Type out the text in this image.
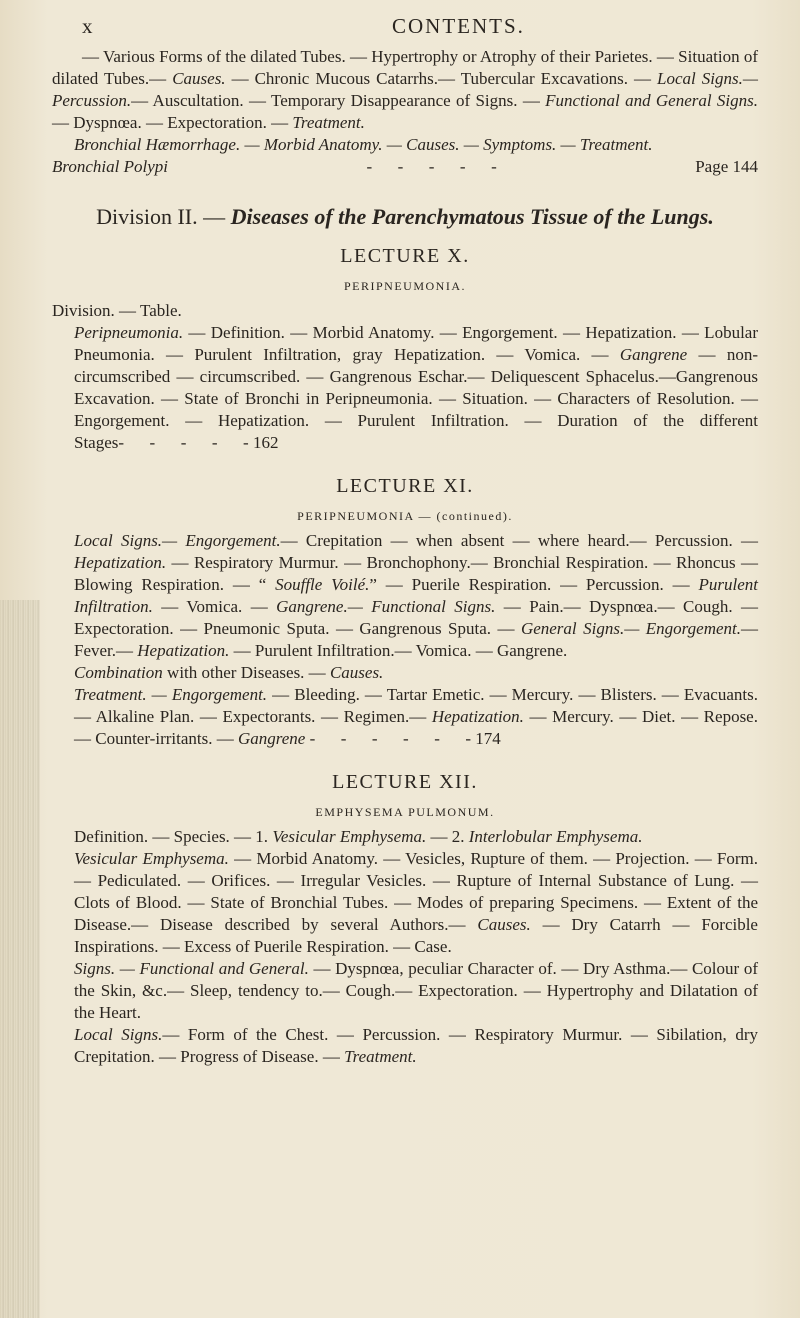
x	CONTENTS.

— Various Forms of the dilated Tubes. — Hypertrophy or Atrophy of their Parietes. — Situation of dilated Tubes.— Causes. — Chronic Mucous Catarrhs.— Tubercular Excavations. — Local Signs.— Percussion.— Auscultation. — Temporary Disappearance of Signs. — Functional and General Signs. — Dyspnœa. — Expectoration. — Treatment.

Bronchial Hæmorrhage. — Morbid Anatomy. — Causes. — Symptoms. — Treatment.

Bronchial Polypi	-      -      -      -      -	Page 144

Division II. — Diseases of the Parenchymatous Tissue of the Lungs.
LECTURE X.
PERIPNEUMONIA.

Division. — Table.

Peripneumonia. — Definition. — Morbid Anatomy. — Engorgement. — Hepatization. — Lobular Pneumonia. — Purulent Infiltration, gray Hepatization. — Vomica. — Gangrene — non-circumscribed — circumscribed. — Gangrenous Eschar.— Deliquescent Sphacelus.—Gangrenous Excavation. — State of Bronchi in Peripneumonia. — Situation. — Characters of Resolution. — Engorgement. — Hepatization. — Purulent Infiltration. — Duration of the different Stages-      -      -      -      - 162

LECTURE XI.
PERIPNEUMONIA — (continued).

Local Signs.— Engorgement.— Crepitation — when absent — where heard.— Percussion. — Hepatization. — Respiratory Murmur. — Bronchophony.— Bronchial Respiration. — Rhoncus — Blowing Respiration. — “ Souffle Voilé.” — Puerile Respiration. — Percussion. — Purulent Infiltration. — Vomica. — Gangrene.— Functional Signs. — Pain.— Dyspnœa.— Cough. —Expectoration. — Pneumonic Sputa. — Gangrenous Sputa. — General Signs.— Engorgement.— Fever.— Hepatization. — Purulent Infiltration.— Vomica. — Gangrene.

Combination with other Diseases. — Causes.

Treatment. — Engorgement. — Bleeding. — Tartar Emetic. — Mercury. — Blisters. — Evacuants. — Alkaline Plan. — Expectorants. — Regimen.— Hepatization. — Mercury. — Diet. — Repose. — Counter-irritants. — Gangrene -      -      -      -      -      - 174

LECTURE XII.
EMPHYSEMA PULMONUM.

Definition. — Species. — 1. Vesicular Emphysema. — 2. Interlobular Emphysema.

Vesicular Emphysema. — Morbid Anatomy. — Vesicles, Rupture of them. — Projection. — Form. — Pediculated. — Orifices. — Irregular Vesicles. — Rupture of Internal Substance of Lung. — Clots of Blood. — State of Bronchial Tubes. — Modes of preparing Specimens. — Extent of the Disease.— Disease described by several Authors.— Causes. — Dry Catarrh — Forcible Inspirations. — Excess of Puerile Respiration. — Case.

Signs. — Functional and General. — Dyspnœa, peculiar Character of. — Dry Asthma.— Colour of the Skin, &c.— Sleep, tendency to.— Cough.— Expectoration. — Hypertrophy and Dilatation of the Heart.

Local Signs.— Form of the Chest. — Percussion. — Respiratory Murmur. — Sibilation, dry Crepitation. — Progress of Disease. — Treatment.
